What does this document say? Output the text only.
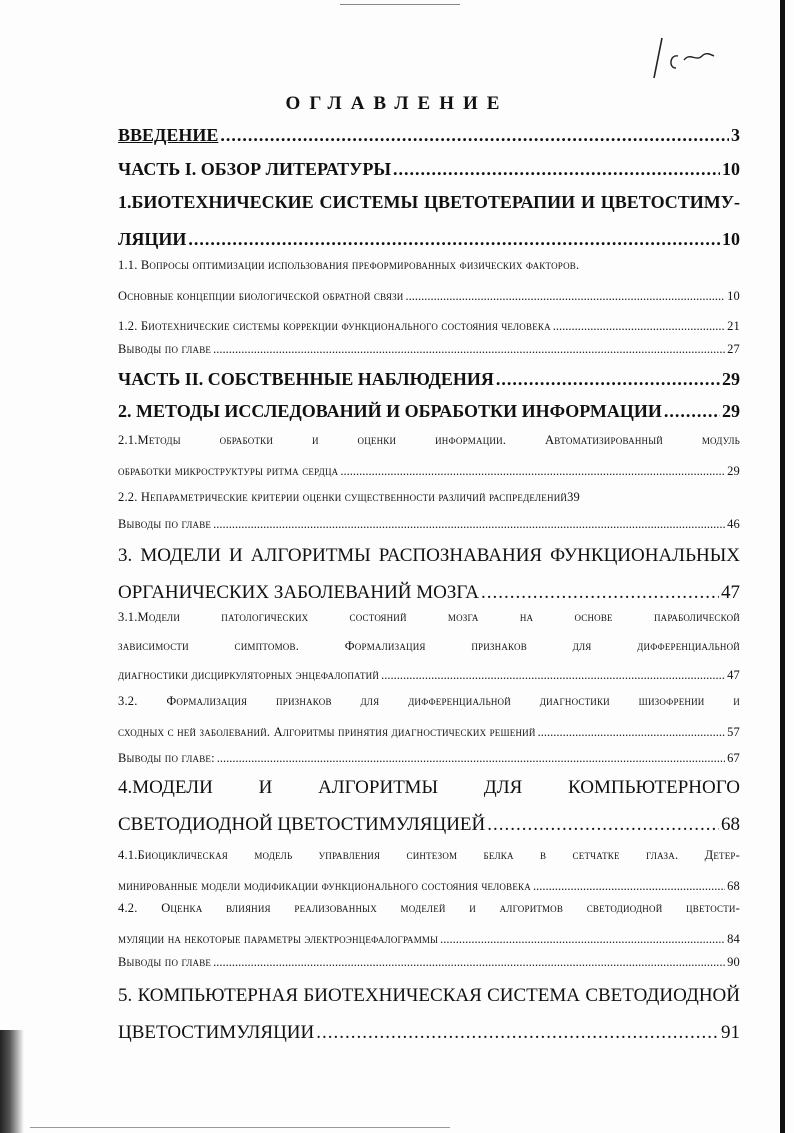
ОГЛАВЛЕНИЕ
ВВЕДЕНИЕ .....	3
ЧАСТЬ I. ОБЗОР ЛИТЕРАТУРЫ .....	10
1.БИОТЕХНИЧЕСКИЕ СИСТЕМЫ ЦВЕТОТЕРАПИИ И ЦВЕТОСТИМУ-
ЛЯЦИИ .....	10
1.1. Вопросы оптимизации использования преформированных физических факторов.
Основные концепции биологической обратной связи .....	10
1.2. Биотехнические системы коррекции функционального состояния человека .....	21
Выводы по главе .....	27
ЧАСТЬ II. СОБСТВЕННЫЕ НАБЛЮДЕНИЯ .....	29
2. МЕТОДЫ ИССЛЕДОВАНИЙ И ОБРАБОТКИ ИНФОРМАЦИИ .....	29
2.1.Методы обработки и оценки информации. Автоматизированный модуль
обработки микроструктуры ритма сердца .....	29
2.2. Непараметрические критерии оценки существенности различий распределений 39
Выводы по главе .....	46
3. МОДЕЛИ И АЛГОРИТМЫ РАСПОЗНАВАНИЯ ФУНКЦИОНАЛЬНЫХ
ОРГАНИЧЕСКИХ ЗАБОЛЕВАНИЙ МОЗГА .....	47
3.1.Модели патологических состояний мозга на основе параболической
зависимости симптомов. Формализация признаков для дифференциальной
диагностики дисциркуляторных энцефалопатий .....	47
3.2. Формализация признаков для дифференциальной диагностики шизофрении и
сходных с ней заболеваний. Алгоритмы принятия диагностических решений .....	57
Выводы по главе: .....	67
4.МОДЕЛИ И АЛГОРИТМЫ ДЛЯ КОМПЬЮТЕРНОГО
СВЕТОДИОДНОЙ ЦВЕТОСТИМУЛЯЦИЕЙ .....	68
4.1.Биоциклическая модель управления синтезом белка в сетчатке глаза. Детер-
минированные модели модификации функционального состояния человека .....	68
4.2. Оценка влияния реализованных моделей и алгоритмов светодиодной цветости-
муляции на некоторые параметры электроэнцефалограммы .....	84
Выводы по главе .....	90
5. КОМПЬЮТЕРНАЯ БИОТЕХНИЧЕСКАЯ СИСТЕМА СВЕТОДИОДНОЙ
ЦВЕТОСТИМУЛЯЦИИ .....	91
